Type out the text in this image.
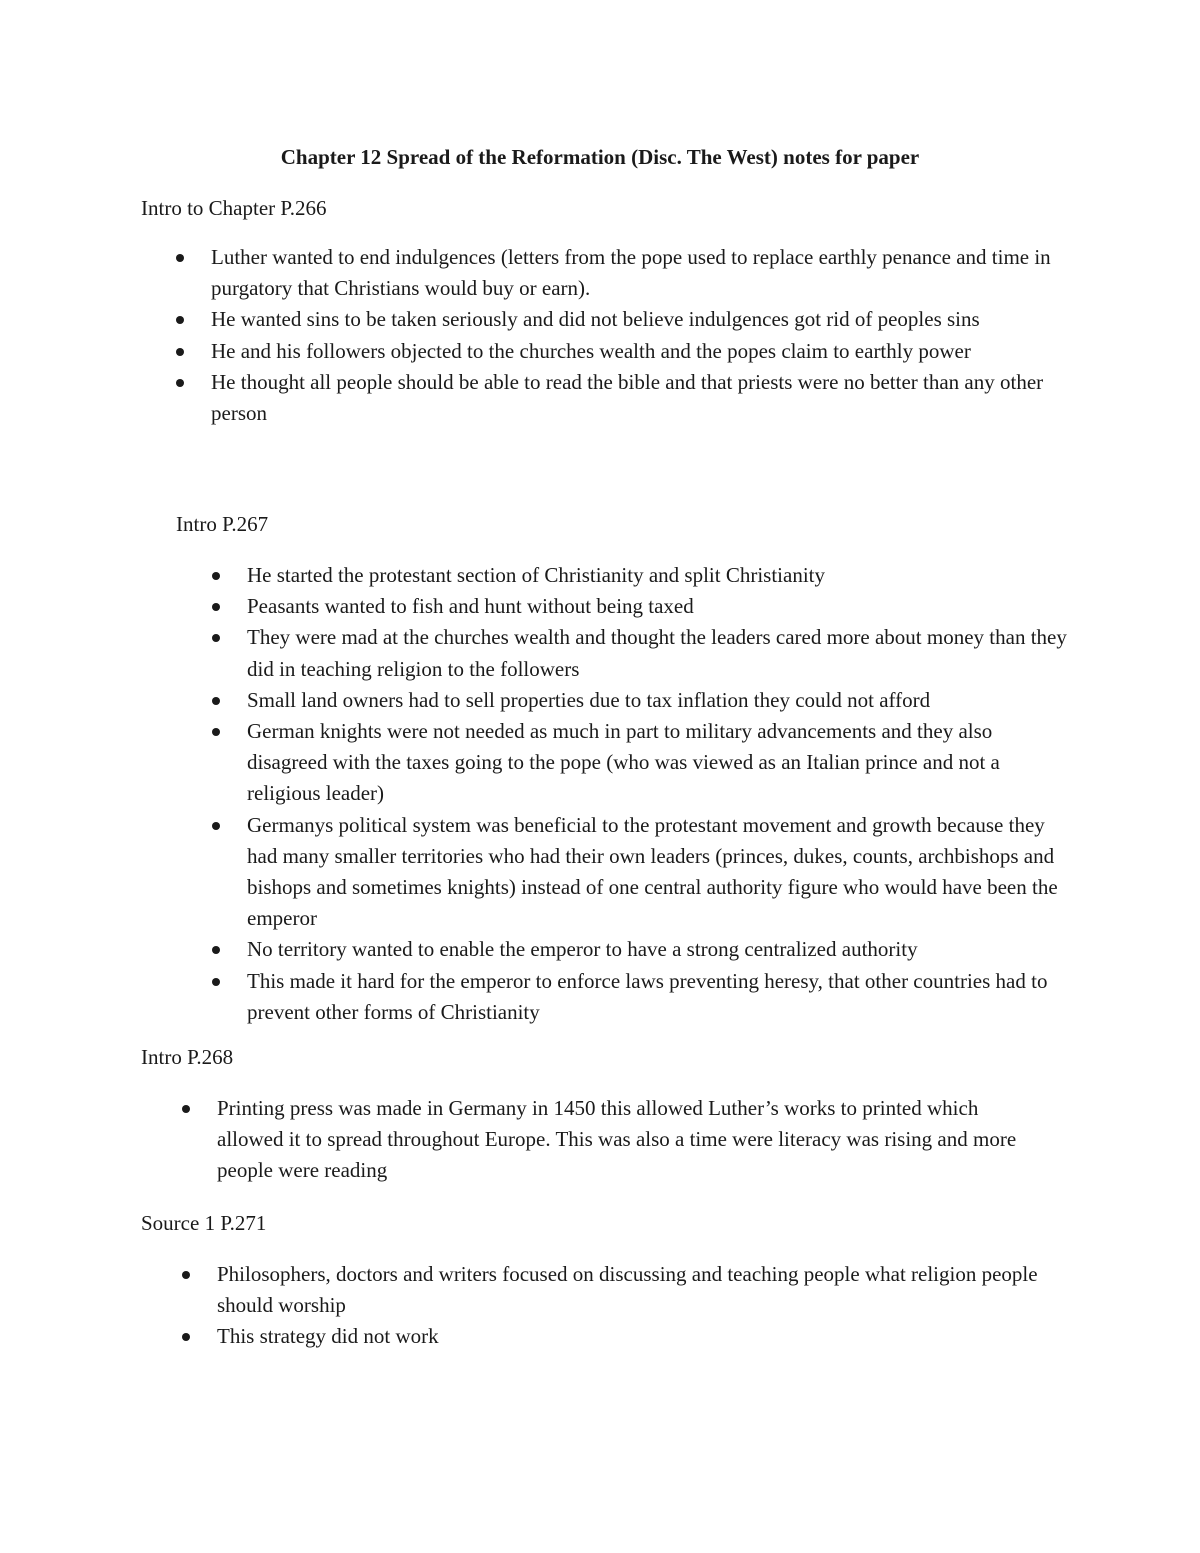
Chapter 12 Spread of the Reformation (Disc. The West) notes for paper

Intro to Chapter P.266

Luther wanted to end indulgences (letters from the pope used to replace earthly penance and time in purgatory that Christians would buy or earn).
He wanted sins to be taken seriously and did not believe indulgences got rid of peoples sins
He and his followers objected to the churches wealth and the popes claim to earthly power
He thought all people should be able to read the bible and that priests were no better than any other person

Intro P.267

He started the protestant section of Christianity and split Christianity
Peasants wanted to fish and hunt without being taxed
They were mad at the churches wealth and thought the leaders cared more about money than they did in teaching religion to the followers
Small land owners had to sell properties due to tax inflation they could not afford
German knights were not needed as much in part to military advancements and they also disagreed with the taxes going to the pope (who was viewed as an Italian prince and not a religious leader)
Germanys political system was beneficial to the protestant movement and growth because they had many smaller territories who had their own leaders (princes, dukes, counts, archbishops and bishops and sometimes knights) instead of one central authority figure who would have been the emperor
No territory wanted to enable the emperor to have a strong centralized authority
This made it hard for the emperor to enforce laws preventing heresy, that other countries had to prevent other forms of Christianity

Intro P.268

Printing press was made in Germany in 1450 this allowed Luther’s works to printed which allowed it to spread throughout Europe. This was also a time were literacy was rising and more people were reading

Source 1 P.271

Philosophers, doctors and writers focused on discussing and teaching people what religion people should worship
This strategy did not work
